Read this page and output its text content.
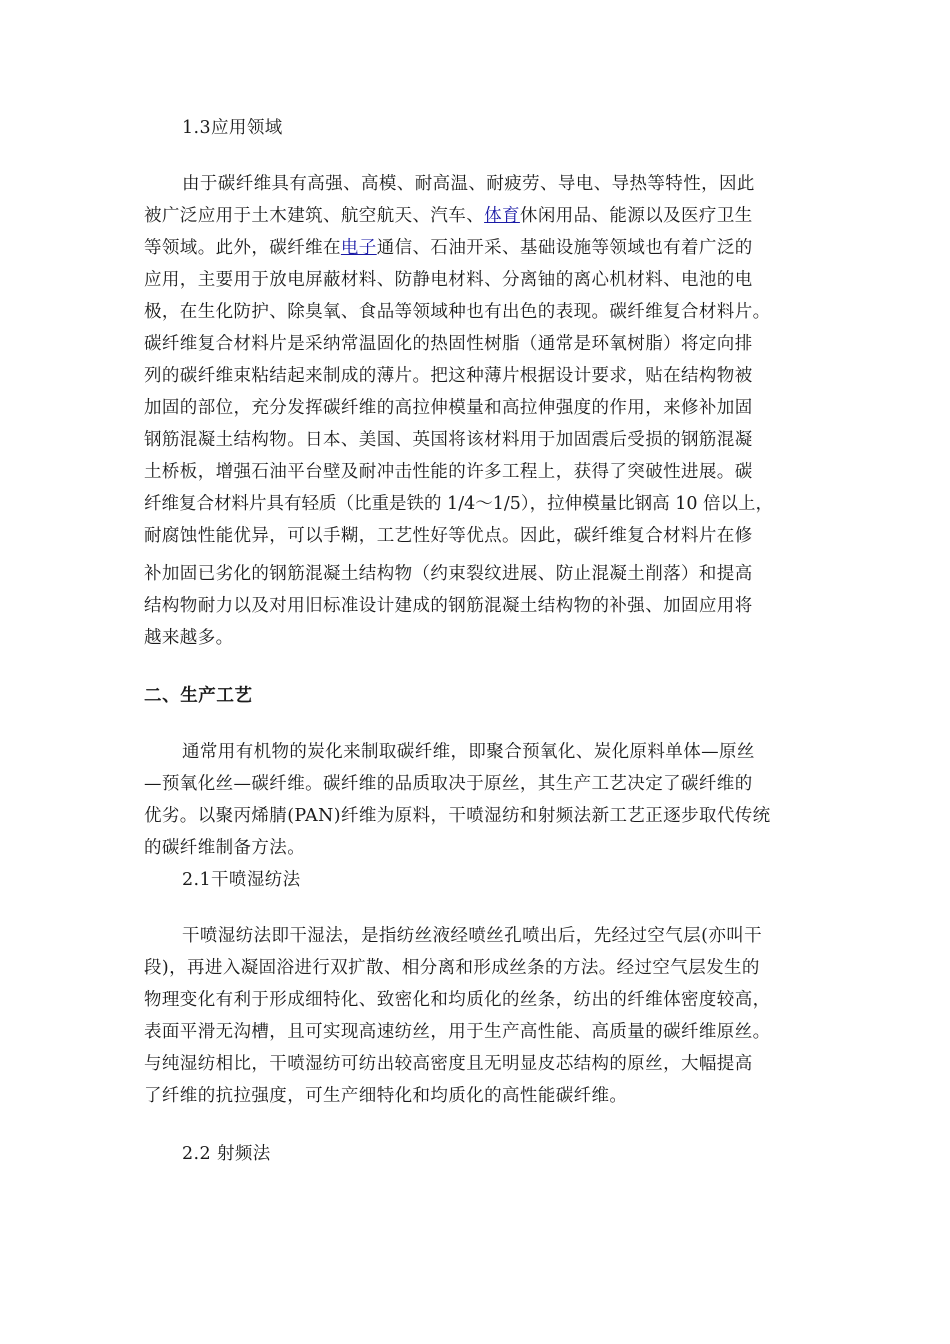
1.3应用领域
由于碳纤维具有高强、高模、耐高温、耐疲劳、导电、导热等特性，因此
被广泛应用于土木建筑、航空航天、汽车、体育休闲用品、能源以及医疗卫生
等领域。此外，碳纤维在电子通信、石油开采、基础设施等领域也有着广泛的
应用，主要用于放电屏蔽材料、防静电材料、分离铀的离心机材料、电池的电
极，在生化防护、除臭氧、食品等领域种也有出色的表现。碳纤维复合材料片。
碳纤维复合材料片是采纳常温固化的热固性树脂（通常是环氧树脂）将定向排
列的碳纤维束粘结起来制成的薄片。把这种薄片根据设计要求，贴在结构物被
加固的部位，充分发挥碳纤维的高拉伸模量和高拉伸强度的作用，来修补加固
钢筋混凝土结构物。日本、美国、英国将该材料用于加固震后受损的钢筋混凝
土桥板，增强石油平台壁及耐冲击性能的许多工程上，获得了突破性进展。碳
纤维复合材料片具有轻质（比重是铁的 1/4～1/5），拉伸模量比钢高 10 倍以上，
耐腐蚀性能优异，可以手糊，工艺性好等优点。因此，碳纤维复合材料片在修
补加固已劣化的钢筋混凝土结构物（约束裂纹进展、防止混凝土削落）和提高
结构物耐力以及对用旧标准设计建成的钢筋混凝土结构物的补强、加固应用将
越来越多。
二、生产工艺
通常用有机物的炭化来制取碳纤维，即聚合预氧化、炭化原料单体—原丝
—预氧化丝—碳纤维。碳纤维的品质取决于原丝，其生产工艺决定了碳纤维的
优劣。以聚丙烯腈(PAN)纤维为原料，干喷湿纺和射频法新工艺正逐步取代传统
的碳纤维制备方法。
2.1干喷湿纺法
干喷湿纺法即干湿法，是指纺丝液经喷丝孔喷出后，先经过空气层(亦叫干
段)，再进入凝固浴进行双扩散、相分离和形成丝条的方法。经过空气层发生的
物理变化有利于形成细特化、致密化和均质化的丝条，纺出的纤维体密度较高，
表面平滑无沟槽，且可实现高速纺丝，用于生产高性能、高质量的碳纤维原丝。
与纯湿纺相比，干喷湿纺可纺出较高密度且无明显皮芯结构的原丝，大幅提高
了纤维的抗拉强度，可生产细特化和均质化的高性能碳纤维。
2.2 射频法
